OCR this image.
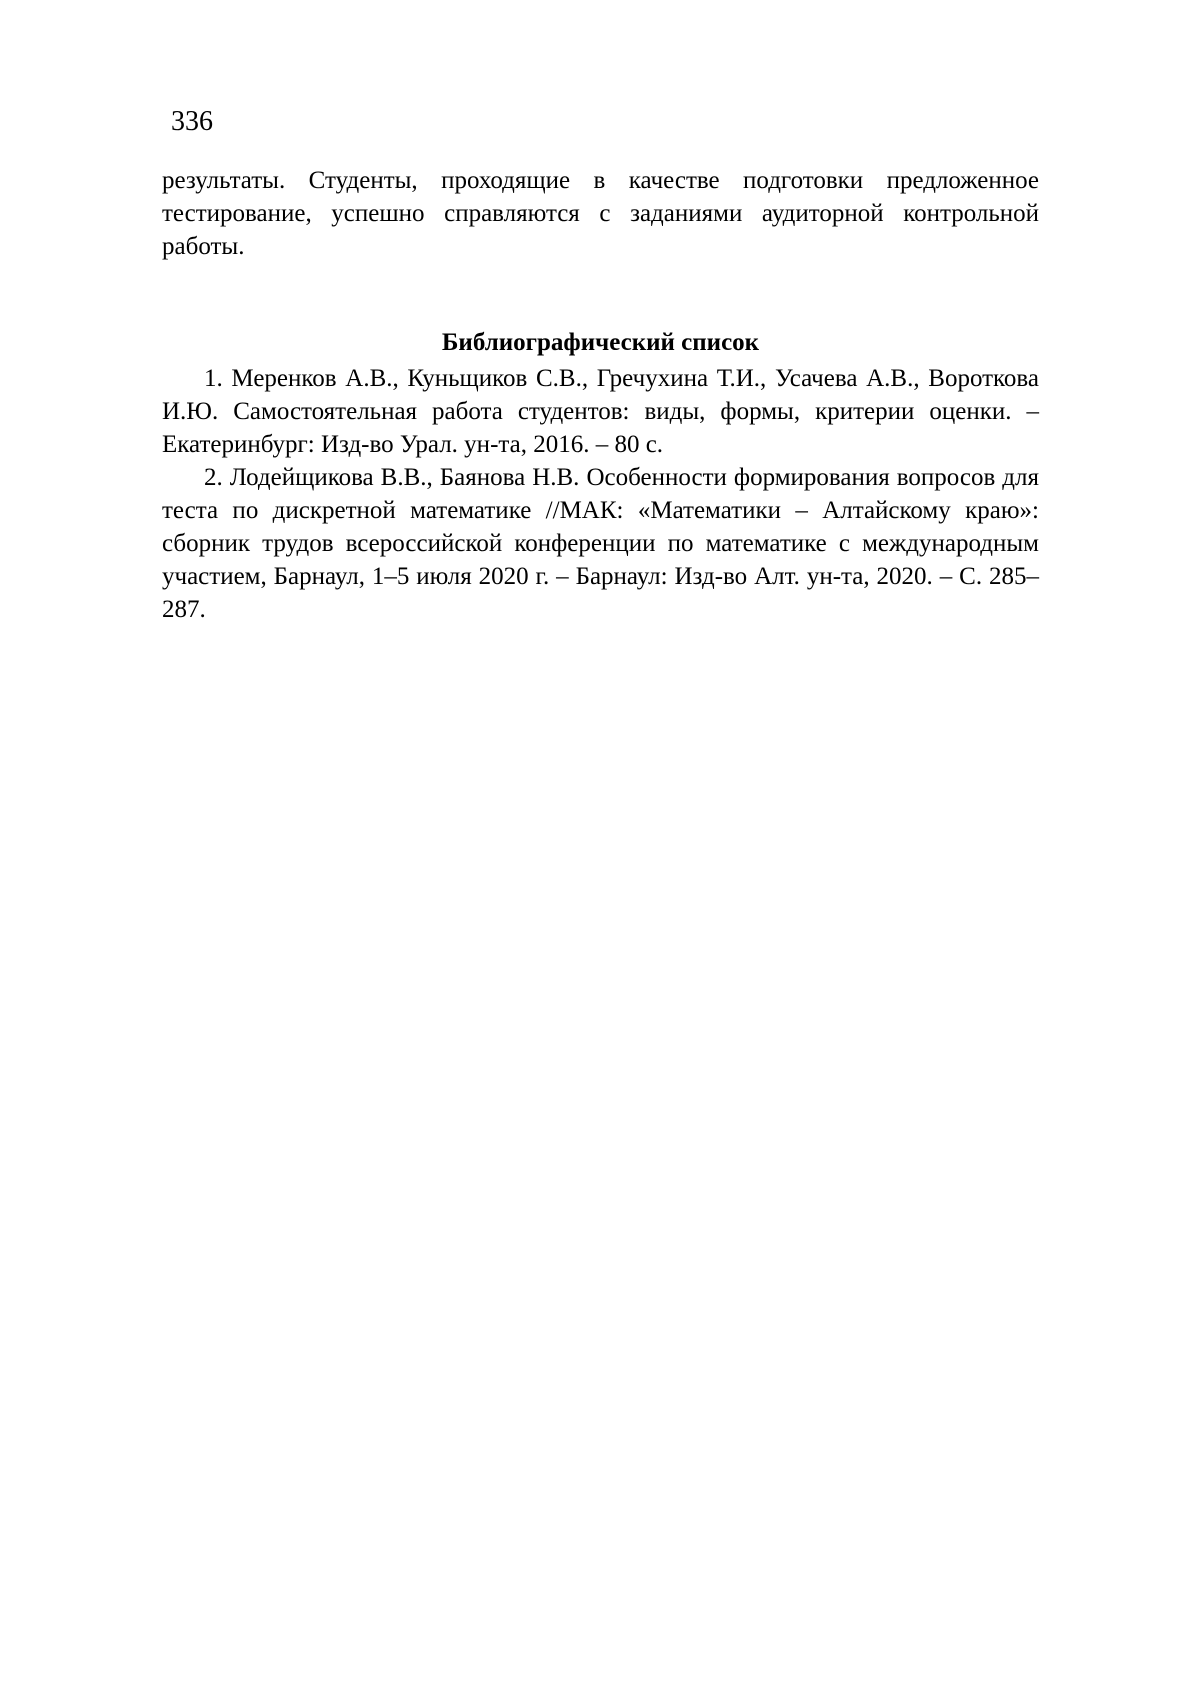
336

результаты. Студенты, проходящие в качестве подготовки предложенное тестирование, успешно справляются с заданиями аудиторной контрольной работы.

Библиографический список
1. Меренков А.В., Куньщиков С.В., Гречухина Т.И., Усачева А.В., Вороткова И.Ю. Самостоятельная работа студентов: виды, формы, критерии оценки. – Екатеринбург: Изд-во Урал. ун-та, 2016. – 80 с.
2. Лодейщикова В.В., Баянова Н.В. Особенности формирования вопросов для теста по дискретной математике //МАК: «Математики – Алтайскому краю»: сборник трудов всероссийской конференции по математике с международным участием, Барнаул, 1–5 июля 2020 г. – Барнаул: Изд-во Алт. ун-та, 2020. – С. 285–287.
